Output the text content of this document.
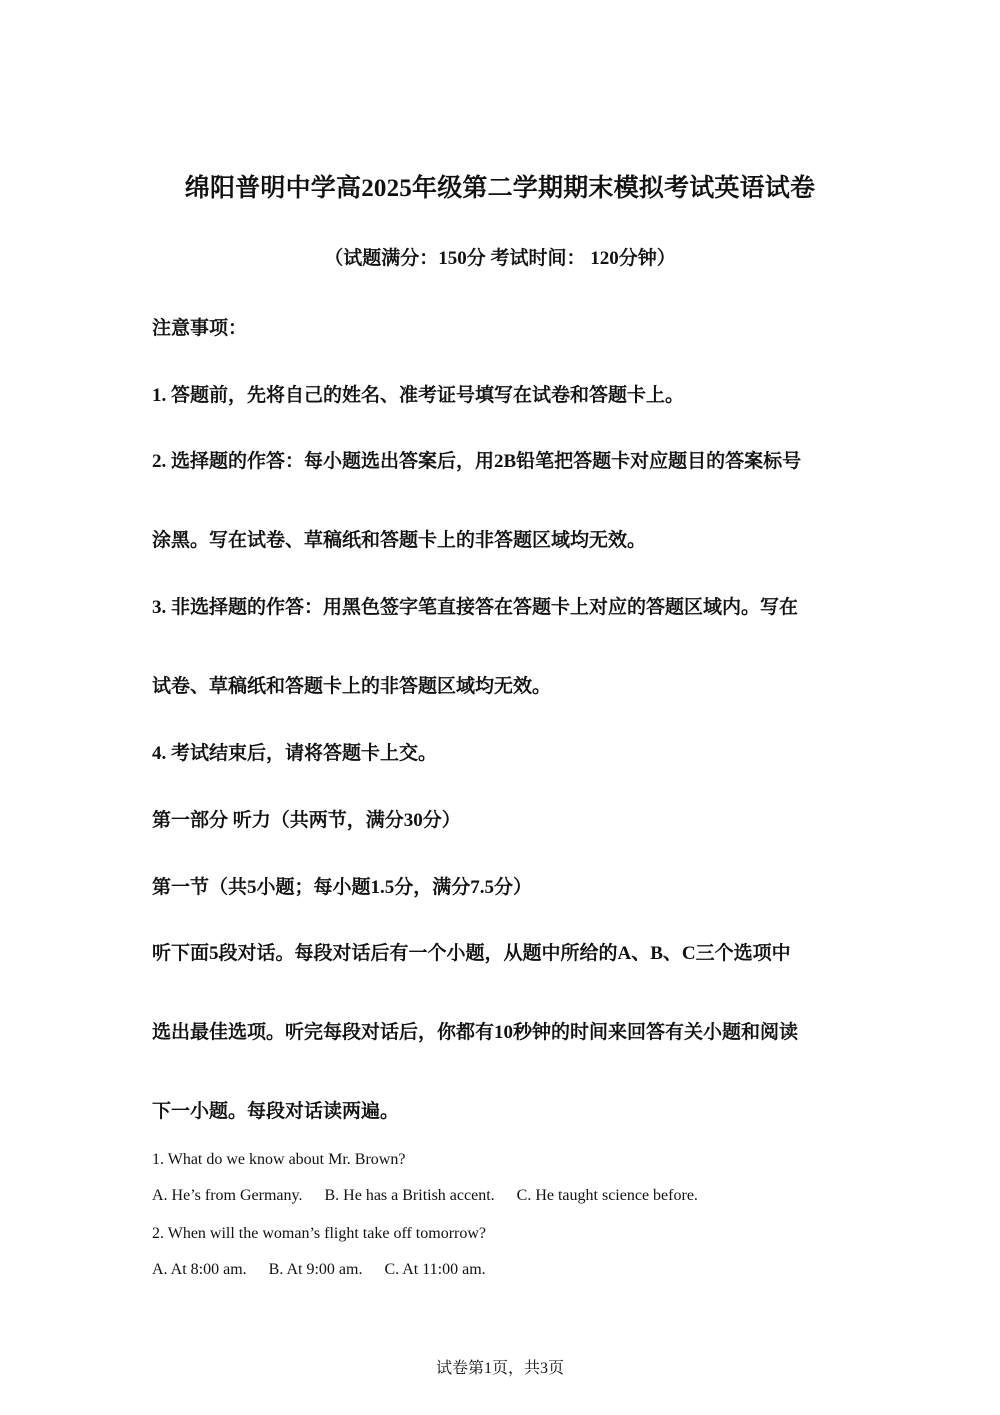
绵阳普明中学高2025年级第二学期期末模拟考试英语试卷
（试题满分：150分 考试时间： 120分钟）
注意事项：
1. 答题前，先将自己的姓名、准考证号填写在试卷和答题卡上。
2. 选择题的作答：每小题选出答案后，用2B铅笔把答题卡对应题目的答案标号
涂黑。写在试卷、草稿纸和答题卡上的非答题区域均无效。
3. 非选择题的作答：用黑色签字笔直接答在答题卡上对应的答题区域内。写在
试卷、草稿纸和答题卡上的非答题区域均无效。
4. 考试结束后，请将答题卡上交。
第一部分 听力（共两节，满分30分）
第一节（共5小题；每小题1.5分，满分7.5分）
听下面5段对话。每段对话后有一个小题，从题中所给的A、B、C三个选项中
选出最佳选项。听完每段对话后，你都有10秒钟的时间来回答有关小题和阅读
下一小题。每段对话读两遍。
1. What do we know about Mr. Brown?
A. He’s from Germany. B. He has a British accent. C. He taught science before.
2. When will the woman’s flight take off tomorrow?
A. At 8:00 am. B. At 9:00 am. C. At 11:00 am.
试卷第1页，共3页
